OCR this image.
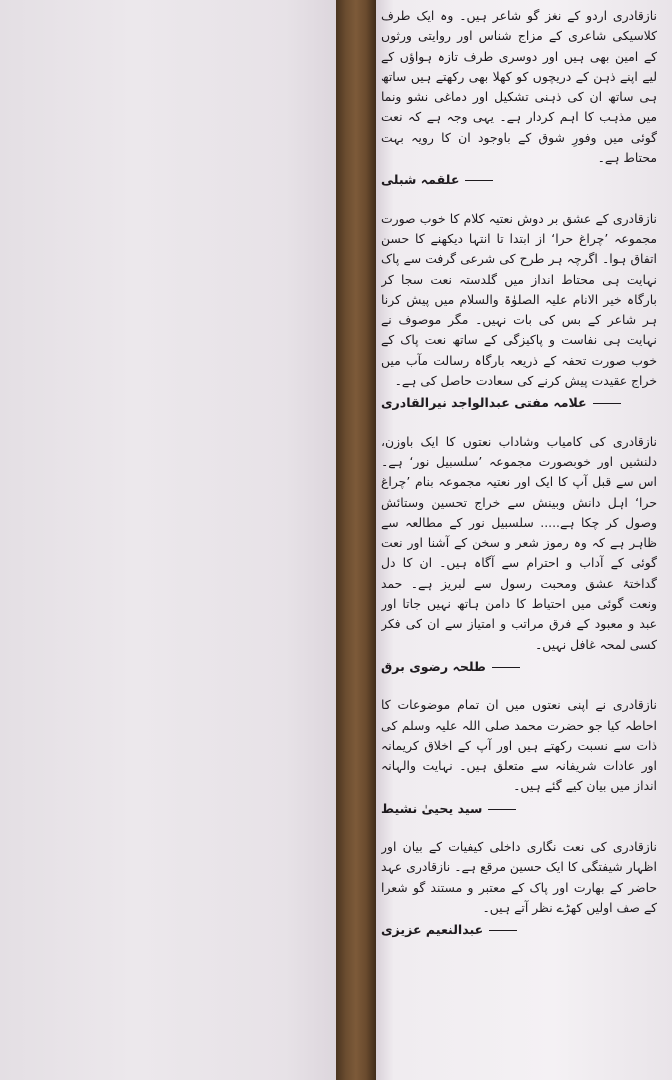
نازقادری اردو کے نغز گو شاعر ہیں۔ وہ ایک طرف کلاسیکی شاعری کے مزاج شناس اور روایتی ورثوں کے امین بھی ہیں اور دوسری طرف تازہ ہواؤں کے لیے اپنے ذہن کے دریچوں کو کھلا بھی رکھتے ہیں ساتھ ہی ساتھ ان کی ذہنی تشکیل اور دماغی نشو ونما میں مذہب کا اہم کردار ہے۔ یہی وجہ ہے کہ نعت گوئی میں وفورِ شوق کے باوجود ان کا رویہ بہت محتاط ہے۔

علقمہ شبلی

نازقادری کے عشق بر دوش نعتیہ کلام کا خوب صورت مجموعہ ’چراغ حرا‘ از ابتدا تا انتہا دیکھنے کا حسن اتفاق ہوا۔ اگرچہ ہر طرح کی شرعی گرفت سے پاک نہایت ہی محتاط انداز میں گلدستہ نعت سجا کر بارگاہ خیر الانام علیہ الصلوٰۃ والسلام میں پیش کرنا ہر شاعر کے بس کی بات نہیں۔ مگر موصوف نے نہایت ہی نفاست و پاکیزگی کے ساتھ نعت پاک کے خوب صورت تحفہ کے ذریعہ بارگاہ رسالت مآب میں خراج عقیدت پیش کرنے کی سعادت حاصل کی ہے۔

علامہ مفتی عبدالواجد نیرالقادری

نازقادری کی کامیاب وشاداب نعتوں کا ایک باوزن، دلنشیں اور خوبصورت مجموعہ ’سلسبیل نور‘ ہے۔ اس سے قبل آپ کا ایک اور نعتیہ مجموعہ بنام ’چراغ حرا‘ اہل دانش وبینش سے خراج تحسین وستائش وصول کر چکا ہے..... سلسبیل نور کے مطالعہ سے ظاہر ہے کہ وہ رموز شعر و سخن کے آشنا اور نعت گوئی کے آداب و احترام سے آگاہ ہیں۔ ان کا دل گداختۂ عشق ومحبت رسول سے لبریز ہے۔ حمد ونعت گوئی میں احتیاط کا دامن ہاتھ نہیں جاتا اور عبد و معبود کے فرق مراتب و امتیاز سے ان کی فکر کسی لمحہ غافل نہیں۔

طلحہ رضوی برق

نازقادری نے اپنی نعتوں میں ان تمام موضوعات کا احاطہ کیا جو حضرت محمد صلی اللہ علیہ وسلم کی ذات سے نسبت رکھتے ہیں اور آپ کے اخلاق کریمانہ اور عادات شریفانہ سے متعلق ہیں۔ نہایت والہانہ انداز میں بیان کیے گئے ہیں۔

سید یحییٰ نشیط

نازقادری کی نعت نگاری داخلی کیفیات کے بیان اور اظہار شیفتگی کا ایک حسین مرقع ہے۔ نازقادری عہد حاضر کے بھارت اور پاک کے معتبر و مستند گو شعرا کے صف اولیں کھڑے نظر آتے ہیں۔

عبدالنعیم عزیزی
